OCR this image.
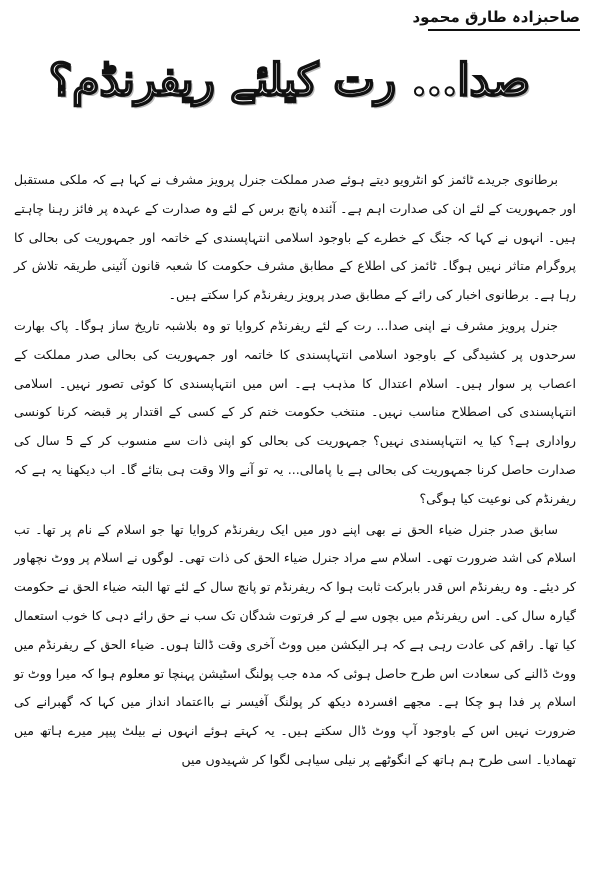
صاحبزادہ طارق محمود
صدا... رت کیلئے ریفرنڈم؟

برطانوی جریدے ٹائمز کو انٹرویو دیتے ہوئے صدر مملکت جنرل پرویز مشرف نے کہا ہے کہ ملکی مستقبل اور جمہوریت کے لئے ان کی صدارت اہم ہے۔ آئندہ پانچ برس کے لئے وہ صدارت کے عہدہ پر فائز رہنا چاہتے ہیں۔ انہوں نے کہا کہ جنگ کے خطرے کے باوجود اسلامی انتہاپسندی کے خاتمہ اور جمہوریت کی بحالی کا پروگرام متاثر نہیں ہوگا۔ ٹائمز کی اطلاع کے مطابق مشرف حکومت کا شعبہ قانون آئینی طریقہ تلاش کر رہا ہے۔ برطانوی اخبار کی رائے کے مطابق صدر پرویز ریفرنڈم کرا سکتے ہیں۔

جنرل پرویز مشرف نے اپنی صدا... رت کے لئے ریفرنڈم کروایا تو وہ بلاشبہ تاریخ ساز ہوگا۔ پاک بھارت سرحدوں پر کشیدگی کے باوجود اسلامی انتہاپسندی کا خاتمہ اور جمہوریت کی بحالی صدر مملکت کے اعصاب پر سوار ہیں۔ اسلام اعتدال کا مذہب ہے۔ اس میں انتہاپسندی کا کوئی تصور نہیں۔ اسلامی انتہاپسندی کی اصطلاح مناسب نہیں۔ منتخب حکومت ختم کر کے کسی کے اقتدار پر قبضہ کرنا کونسی رواداری ہے؟ کیا یہ انتہاپسندی نہیں؟ جمہوریت کی بحالی کو اپنی ذات سے منسوب کر کے 5 سال کی صدارت حاصل کرنا جمہوریت کی بحالی ہے یا پامالی... یہ تو آنے والا وقت ہی بتائے گا۔ اب دیکھنا یہ ہے کہ ریفرنڈم کی نوعیت کیا ہوگی؟

سابق صدر جنرل ضیاء الحق نے بھی اپنے دور میں ایک ریفرنڈم کروایا تھا جو اسلام کے نام پر تھا۔ تب اسلام کی اشد ضرورت تھی۔ اسلام سے مراد جنرل ضیاء الحق کی ذات تھی۔ لوگوں نے اسلام پر ووٹ نچھاور کر دیئے۔ وہ ریفرنڈم اس قدر بابرکت ثابت ہوا کہ ریفرنڈم تو پانچ سال کے لئے تھا البتہ ضیاء الحق نے حکومت گیارہ سال کی۔ اس ریفرنڈم میں بچوں سے لے کر فرتوت شدگان تک سب نے حق رائے دہی کا خوب استعمال کیا تھا۔ راقم کی عادت رہی ہے کہ ہر الیکشن میں ووٹ آخری وقت ڈالتا ہوں۔ ضیاء الحق کے ریفرنڈم میں ووٹ ڈالنے کی سعادت اس طرح حاصل ہوئی کہ مدہ جب پولنگ اسٹیشن پہنچا تو معلوم ہوا کہ میرا ووٹ تو اسلام پر فدا ہو چکا ہے۔ مجھے افسردہ دیکھ کر پولنگ آفیسر نے بااعتماد انداز میں کہا کہ گھبرانے کی ضرورت نہیں اس کے باوجود آپ ووٹ ڈال سکتے ہیں۔ یہ کہتے ہوئے انہوں نے بیلٹ پیپر میرے ہاتھ میں تھمادیا۔ اسی طرح ہم ہاتھ کے انگوٹھے پر نیلی سیاہی لگوا کر شہیدوں میں
